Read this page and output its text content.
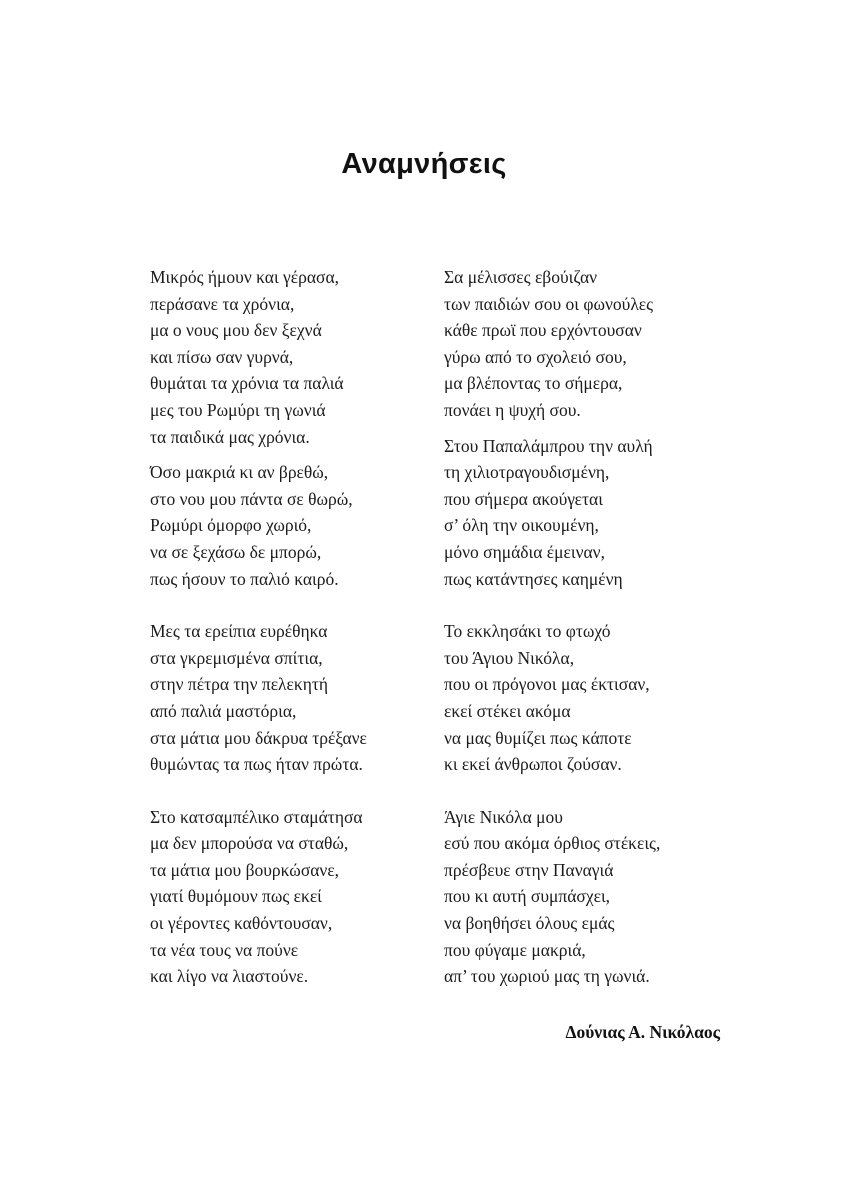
Αναμνήσεις
Μικρός ήμουν και γέρασα,
περάσανε τα χρόνια,
μα ο νους μου δεν ξεχνά
και πίσω σαν γυρνά,
θυμάται τα χρόνια τα παλιά
μες του Ρωμύρι τη γωνιά
τα παιδικά μας χρόνια.
Όσο μακριά κι αν βρεθώ,
στο νου μου πάντα σε θωρώ,
Ρωμύρι όμορφο χωριό,
να σε ξεχάσω δε μπορώ,
πως ήσουν το παλιό καιρό.
Μες τα ερείπια ευρέθηκα
στα γκρεμισμένα σπίτια,
στην πέτρα την πελεκητή
από παλιά μαστόρια,
στα μάτια μου δάκρυα τρέξανε
θυμώντας τα πως ήταν πρώτα.
Στο κατσαμπέλικο σταμάτησα
μα δεν μπορούσα να σταθώ,
τα μάτια μου βουρκώσανε,
γιατί θυμόμουν πως εκεί
οι γέροντες καθόντουσαν,
τα νέα τους να πούνε
και λίγο να λιαστούνε.
Σα μέλισσες εβούιζαν
των παιδιών σου οι φωνούλες
κάθε πρωϊ που ερχόντουσαν
γύρω από το σχολειό σου,
μα βλέποντας το σήμερα,
πονάει η ψυχή σου.
Στου Παπαλάμπρου την αυλή
τη χιλιοτραγουδισμένη,
που σήμερα ακούγεται
σ’ όλη την οικουμένη,
μόνο σημάδια έμειναν,
πως κατάντησες καημένη
Το εκκλησάκι το φτωχό
του Άγιου Νικόλα,
που οι πρόγονοι μας έκτισαν,
εκεί στέκει ακόμα
να μας θυμίζει πως κάποτε
κι εκεί άνθρωποι ζούσαν.
Άγιε Νικόλα μου
εσύ που ακόμα όρθιος στέκεις,
πρέσβευε στην Παναγιά
που κι αυτή συμπάσχει,
να βοηθήσει όλους εμάς
που φύγαμε μακριά,
απ’ του χωριού μας τη γωνιά.
Δούνιας Α. Νικόλαος
